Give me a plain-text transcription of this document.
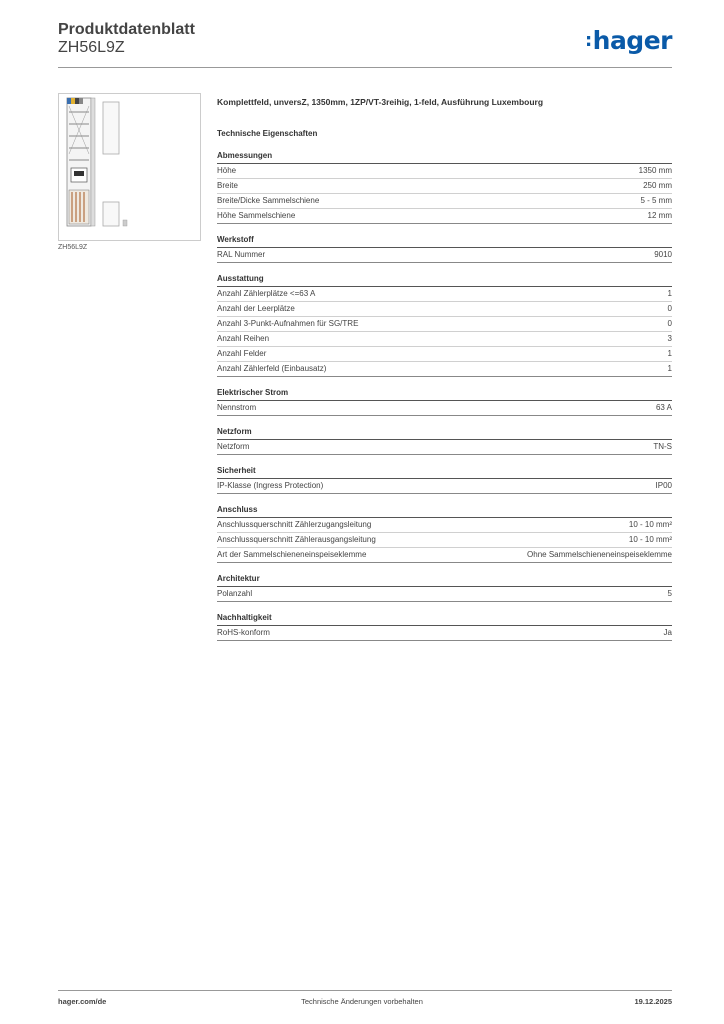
Produktdatenblatt
ZH56L9Z	:hager
ZH56L9Z
Komplettfeld, unversZ, 1350mm, 1ZP/VT-3reihig, 1-feld, Ausführung Luxembourg
Technische Eigenschaften
Abmessungen
Höhe	1350 mm
Breite	250 mm
Breite/Dicke Sammelschiene	5 - 5 mm
Höhe Sammelschiene	12 mm
Werkstoff
RAL Nummer	9010
Ausstattung
Anzahl Zählerplätze <=63 A	1
Anzahl der Leerplätze	0
Anzahl 3-Punkt-Aufnahmen für SG/TRE	0
Anzahl Reihen	3
Anzahl Felder	1
Anzahl Zählerfeld (Einbausatz)	1
Elektrischer Strom
Nennstrom	63 A
Netzform
Netzform	TN-S
Sicherheit
IP-Klasse (Ingress Protection)	IP00
Anschluss
Anschlussquerschnitt Zählerzugangsleitung	10 - 10 mm²
Anschlussquerschnitt Zählerausgangsleitung	10 - 10 mm²
Art der Sammelschieneneinspeiseklemme	Ohne Sammelschieneneinspeiseklemme
Architektur
Polanzahl	5
Nachhaltigkeit
RoHS-konform	Ja
hager.com/de	Technische Änderungen vorbehalten	19.12.2025
